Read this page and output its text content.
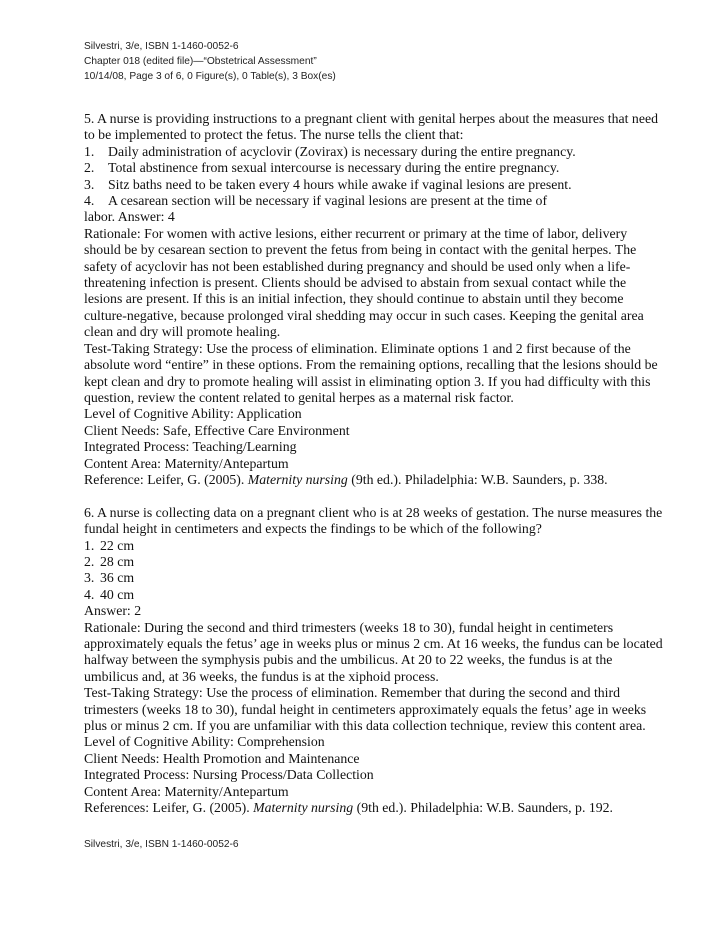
Silvestri, 3/e, ISBN 1-1460-0052-6
Chapter 018 (edited file)—“Obstetrical Assessment”
10/14/08, Page 3 of 6, 0 Figure(s), 0 Table(s), 3 Box(es)

5. A nurse is providing instructions to a pregnant client with genital herpes about the measures that need to be implemented to protect the fetus. The nurse tells the client that:

1. Daily administration of acyclovir (Zovirax) is necessary during the entire pregnancy.
2. Total abstinence from sexual intercourse is necessary during the entire pregnancy.
3. Sitz baths need to be taken every 4 hours while awake if vaginal lesions are present.
4. A cesarean section will be necessary if vaginal lesions are present at the time of

labor. Answer: 4

Rationale: For women with active lesions, either recurrent or primary at the time of labor, delivery should be by cesarean section to prevent the fetus from being in contact with the genital herpes. The safety of acyclovir has not been established during pregnancy and should be used only when a life-threatening infection is present. Clients should be advised to abstain from sexual contact while the lesions are present. If this is an initial infection, they should continue to abstain until they become culture-negative, because prolonged viral shedding may occur in such cases. Keeping the genital area clean and dry will promote healing.

Test-Taking Strategy: Use the process of elimination. Eliminate options 1 and 2 first because of the absolute word “entire” in these options. From the remaining options, recalling that the lesions should be kept clean and dry to promote healing will assist in eliminating option 3. If you had difficulty with this question, review the content related to genital herpes as a maternal risk factor.

Level of Cognitive Ability: Application

Client Needs: Safe, Effective Care Environment

Integrated Process: Teaching/Learning

Content Area: Maternity/Antepartum

Reference: Leifer, G. (2005). Maternity nursing (9th ed.). Philadelphia: W.B. Saunders, p. 338.

6. A nurse is collecting data on a pregnant client who is at 28 weeks of gestation. The nurse measures the fundal height in centimeters and expects the findings to be which of the following?

1. 22 cm
2. 28 cm
3. 36 cm
4. 40 cm

Answer: 2

Rationale: During the second and third trimesters (weeks 18 to 30), fundal height in centimeters approximately equals the fetus’ age in weeks plus or minus 2 cm. At 16 weeks, the fundus can be located halfway between the symphysis pubis and the umbilicus. At 20 to 22 weeks, the fundus is at the umbilicus and, at 36 weeks, the fundus is at the xiphoid process.

Test-Taking Strategy: Use the process of elimination. Remember that during the second and third trimesters (weeks 18 to 30), fundal height in centimeters approximately equals the fetus’ age in weeks plus or minus 2 cm. If you are unfamiliar with this data collection technique, review this content area.

Level of Cognitive Ability: Comprehension

Client Needs: Health Promotion and Maintenance

Integrated Process: Nursing Process/Data Collection

Content Area: Maternity/Antepartum

References: Leifer, G. (2005). Maternity nursing (9th ed.). Philadelphia: W.B. Saunders, p. 192.

Silvestri, 3/e, ISBN 1-1460-0052-6
